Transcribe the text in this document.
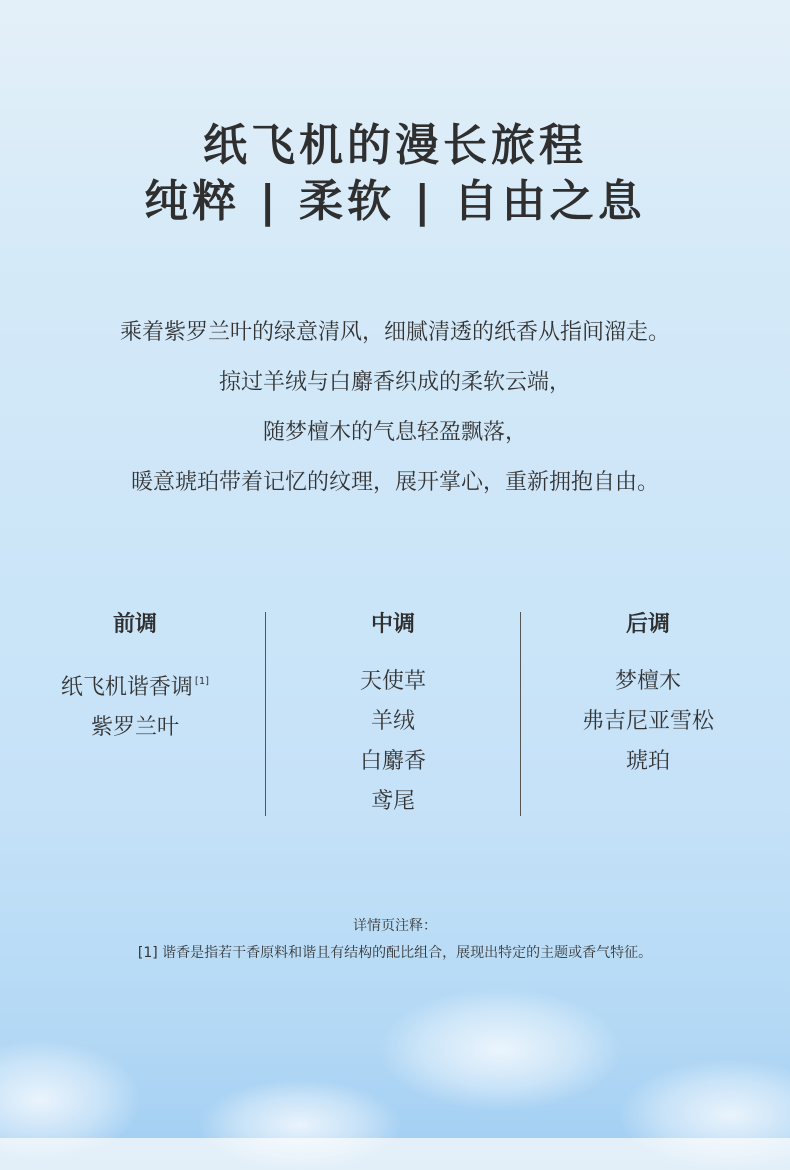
纸飞机的漫长旅程
纯粹 | 柔软 | 自由之息
乘着紫罗兰叶的绿意清风，细腻清透的纸香从指间溜走。
掠过羊绒与白麝香织成的柔软云端，
随梦檀木的气息轻盈飘落，
暖意琥珀带着记忆的纹理，展开掌心，重新拥抱自由。
前调
纸飞机谐香调 [1]
紫罗兰叶
中调
天使草
羊绒
白麝香
鸢尾
后调
梦檀木
弗吉尼亚雪松
琥珀
详情页注释：
[1] 谐香是指若干香原料和谐且有结构的配比组合，展现出特定的主题或香气特征。
